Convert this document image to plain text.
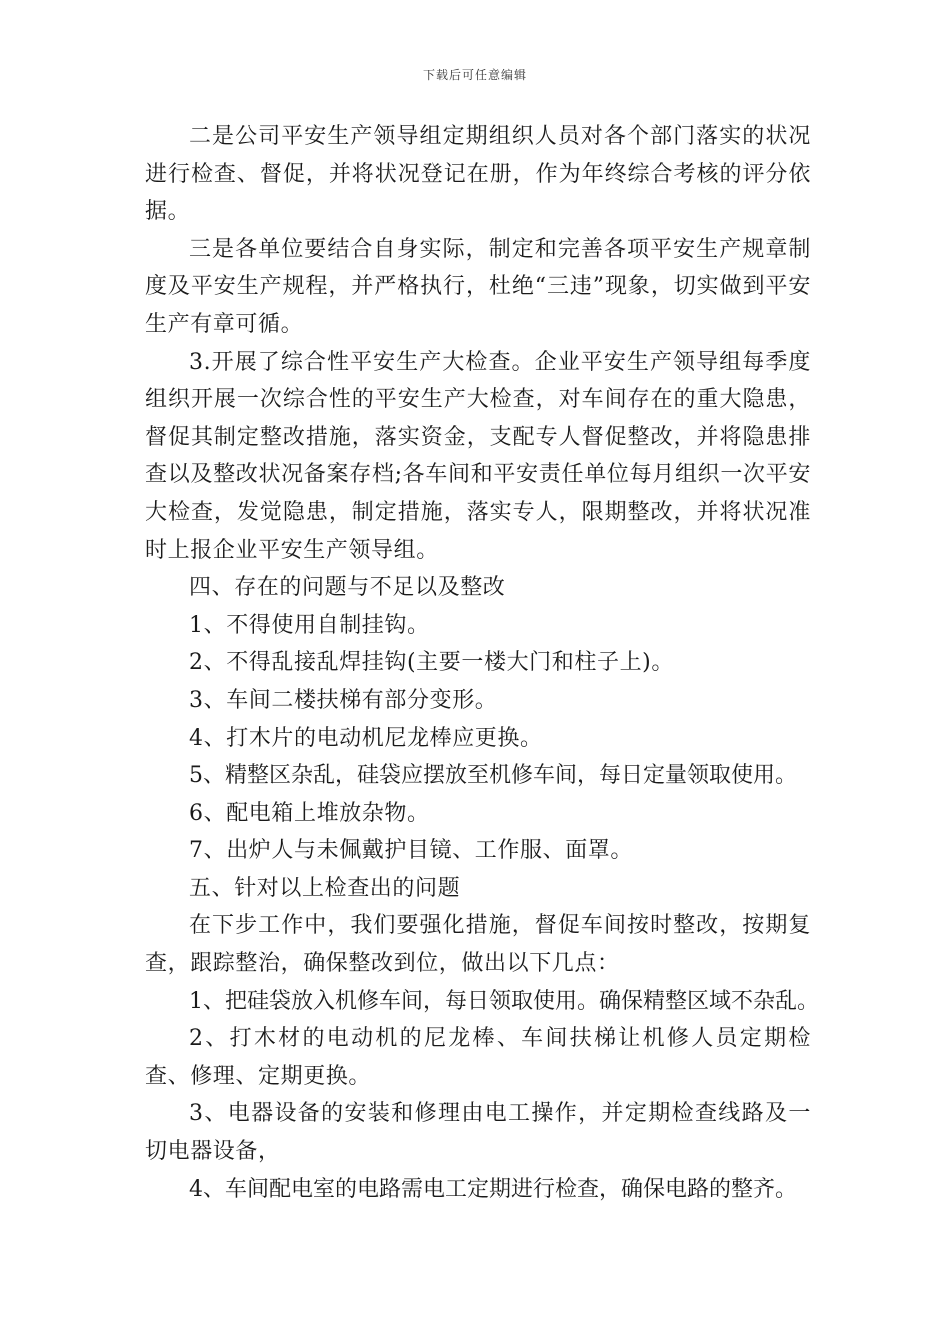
下载后可任意编辑

二是公司平安生产领导组定期组织人员对各个部门落实的状况进行检查、督促，并将状况登记在册，作为年终综合考核的评分依据。

三是各单位要结合自身实际，制定和完善各项平安生产规章制度及平安生产规程，并严格执行，杜绝“三违”现象，切实做到平安生产有章可循。

3.开展了综合性平安生产大检查。企业平安生产领导组每季度组织开展一次综合性的平安生产大检查，对车间存在的重大隐患，督促其制定整改措施，落实资金，支配专人督促整改，并将隐患排查以及整改状况备案存档;各车间和平安责任单位每月组织一次平安大检查，发觉隐患，制定措施，落实专人，限期整改，并将状况准时上报企业平安生产领导组。

四、存在的问题与不足以及整改

1、不得使用自制挂钩。

2、不得乱接乱焊挂钩(主要一楼大门和柱子上)。

3、车间二楼扶梯有部分变形。

4、打木片的电动机尼龙棒应更换。

5、精整区杂乱，硅袋应摆放至机修车间，每日定量领取使用。

6、配电箱上堆放杂物。

7、出炉人与未佩戴护目镜、工作服、面罩。

五、针对以上检查出的问题

在下步工作中，我们要强化措施，督促车间按时整改，按期复查，跟踪整治，确保整改到位，做出以下几点：

1、把硅袋放入机修车间，每日领取使用。确保精整区域不杂乱。

2、打木材的电动机的尼龙棒、车间扶梯让机修人员定期检查、修理、定期更换。

3、电器设备的安装和修理由电工操作，并定期检查线路及一切电器设备，

4、车间配电室的电路需电工定期进行检查，确保电路的整齐。
